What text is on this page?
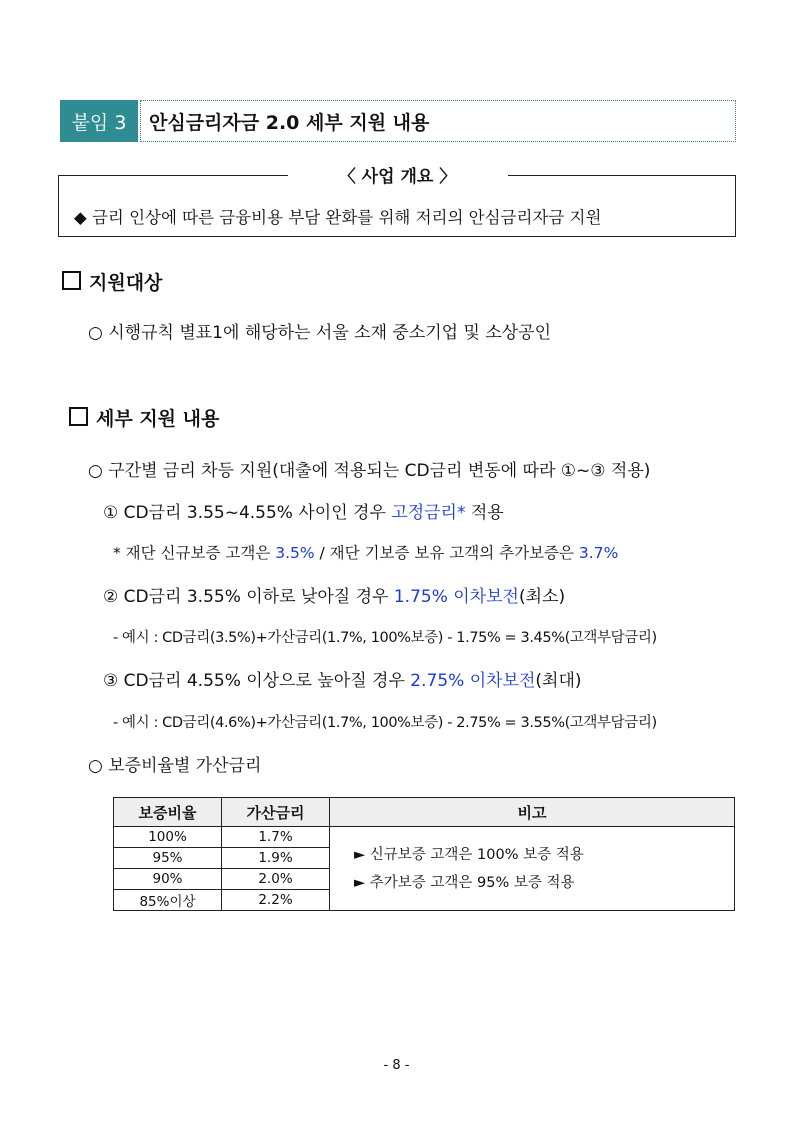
붙임 3	안심금리자금 2.0 세부 지원 내용
〈 사업 개요 〉
◆ 금리 인상에 따른 금융비용 부담 완화를 위해 저리의 안심금리자금 지원
지원대상
○ 시행규칙 별표1에 해당하는 서울 소재 중소기업 및 소상공인
세부 지원 내용
○ 구간별 금리 차등 지원(대출에 적용되는 CD금리 변동에 따라 ①~③ 적용)
① CD금리 3.55~4.55% 사이인 경우 고정금리* 적용
* 재단 신규보증 고객은 3.5% / 재단 기보증 보유 고객의 추가보증은 3.7%
② CD금리 3.55% 이하로 낮아질 경우 1.75% 이차보전(최소)
- 예시 : CD금리(3.5%)+가산금리(1.7%, 100%보증) - 1.75% = 3.45%(고객부담금리)
③ CD금리 4.55% 이상으로 높아질 경우 2.75% 이차보전(최대)
- 예시 : CD금리(4.6%)+가산금리(1.7%, 100%보증) - 2.75% = 3.55%(고객부담금리)
○ 보증비율별 가산금리
보증비율	가산금리	비고
100%	1.7%	► 신규보증 고객은 100% 보증 적용
► 추가보증 고객은 95% 보증 적용

95%	1.9%	
90%	2.0%	
85%이상	2.2%	
- 8 -
